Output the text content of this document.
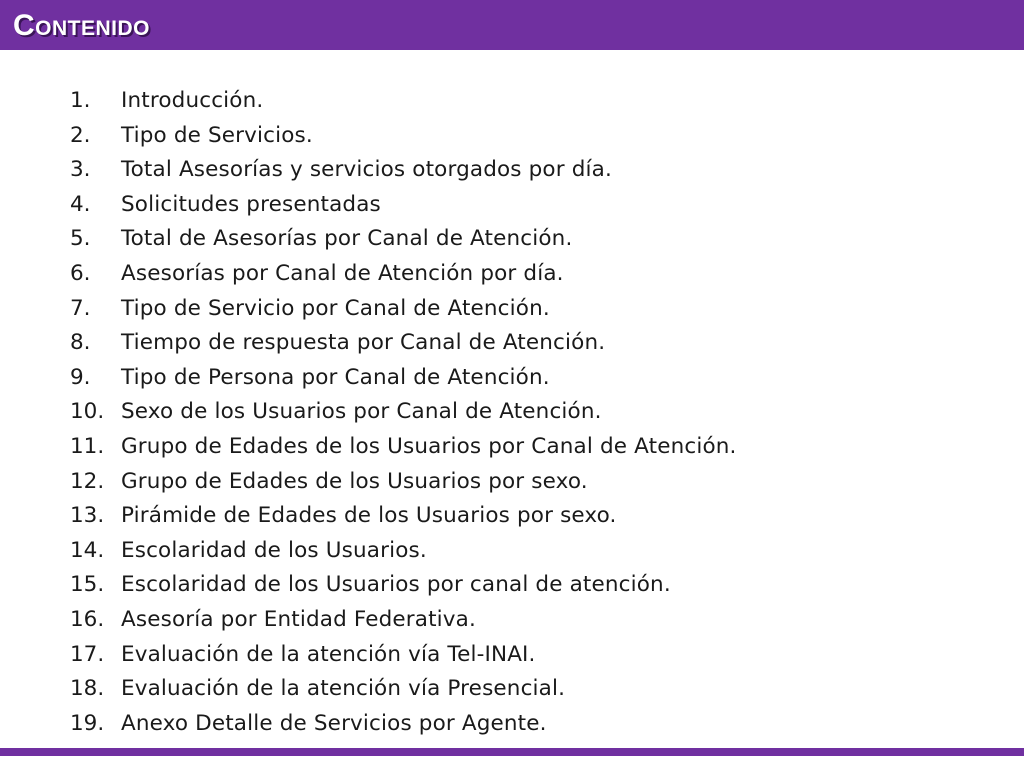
Contenido
1.	Introducción.
2.	Tipo de Servicios.
3.	Total Asesorías y servicios otorgados por día.
4.	Solicitudes presentadas
5.	Total de Asesorías por Canal de Atención.
6.	Asesorías por Canal de Atención por día.
7.	Tipo de Servicio por Canal de Atención.
8.	Tiempo de respuesta por Canal de Atención.
9.	Tipo de Persona por Canal de Atención.
10. Sexo de los Usuarios por Canal de Atención.
11. Grupo de Edades de los Usuarios por Canal de Atención.
12. Grupo de Edades de los Usuarios por sexo.
13. Pirámide de Edades de los Usuarios por sexo.
14. Escolaridad de los Usuarios.
15. Escolaridad de los Usuarios por canal de atención.
16. Asesoría por Entidad Federativa.
17. Evaluación de la atención vía Tel-INAI.
18. Evaluación de la atención vía Presencial.
19. Anexo Detalle de Servicios por Agente.
